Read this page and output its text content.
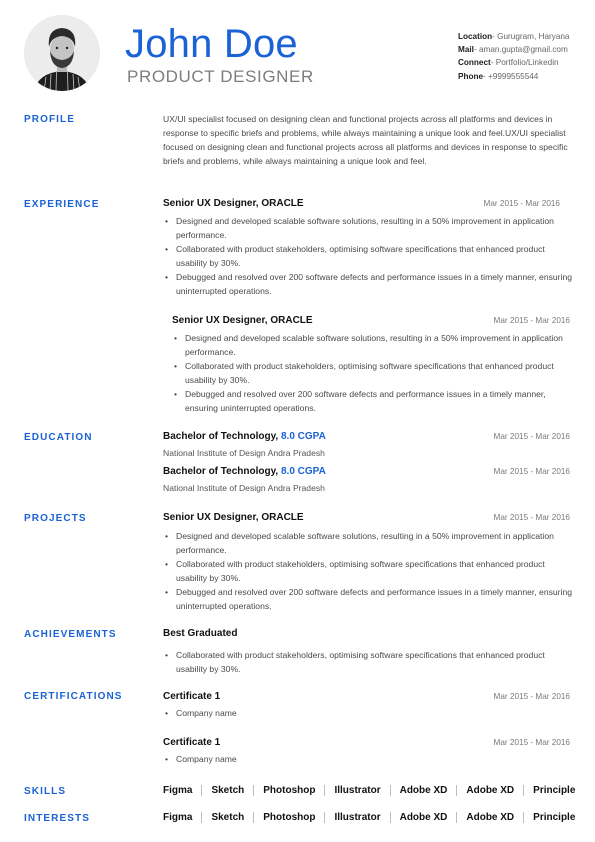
John Doe
PRODUCT DESIGNER
Location- Gurugram, Haryana
Mail- aman.gupta@gmail.com
Connect- Portfolio/Linkedin
Phone- +9999555544
PROFILE	UX/UI specialist focused on designing clean and functional projects across all platforms and devices in response to specific briefs and problems, while always maintaining a unique look and feel.UX/UI specialist focused on designing clean and functional projects across all platforms and devices in response to specific briefs and problems, while always maintaining a unique look and feel.
EXPERIENCE	Senior UX Designer, ORACLE	Mar 2015 - Mar 2016
• Designed and developed scalable software solutions, resulting in a 50% improvement in application performance.
• Collaborated with product stakeholders, optimising software specifications that enhanced product usability by 30%.
• Debugged and resolved over 200 software defects and performance issues in a timely manner, ensuring uninterrupted operations.
Senior UX Designer, ORACLE	Mar 2015 - Mar 2016
• Designed and developed scalable software solutions, resulting in a 50% improvement in application performance.
• Collaborated with product stakeholders, optimising software specifications that enhanced product usability by 30%.
• Debugged and resolved over 200 software defects and performance issues in a timely manner, ensuring uninterrupted operations.
EDUCATION	Bachelor of Technology, 8.0 CGPA	Mar 2015 - Mar 2016
National Institute of Design Andra Pradesh
Bachelor of Technology, 8.0 CGPA	Mar 2015 - Mar 2016
National Institute of Design Andra Pradesh
PROJECTS	Senior UX Designer, ORACLE	Mar 2015 - Mar 2016
• Designed and developed scalable software solutions, resulting in a 50% improvement in application performance.
• Collaborated with product stakeholders, optimising software specifications that enhanced product usability by 30%.
• Debugged and resolved over 200 software defects and performance issues in a timely manner, ensuring uninterrupted operations.
ACHIEVEMENTS	Best Graduated
• Collaborated with product stakeholders, optimising software specifications that enhanced product usability by 30%.
CERTIFICATIONS	Certificate 1	Mar 2015 - Mar 2016
• Company name
Certificate 1	Mar 2015 - Mar 2016
• Company name
SKILLS	Figma Sketch Photoshop Illustrator Adobe XD Adobe XD Principle
INTERESTS	Figma Sketch Photoshop Illustrator Adobe XD Adobe XD Principle
